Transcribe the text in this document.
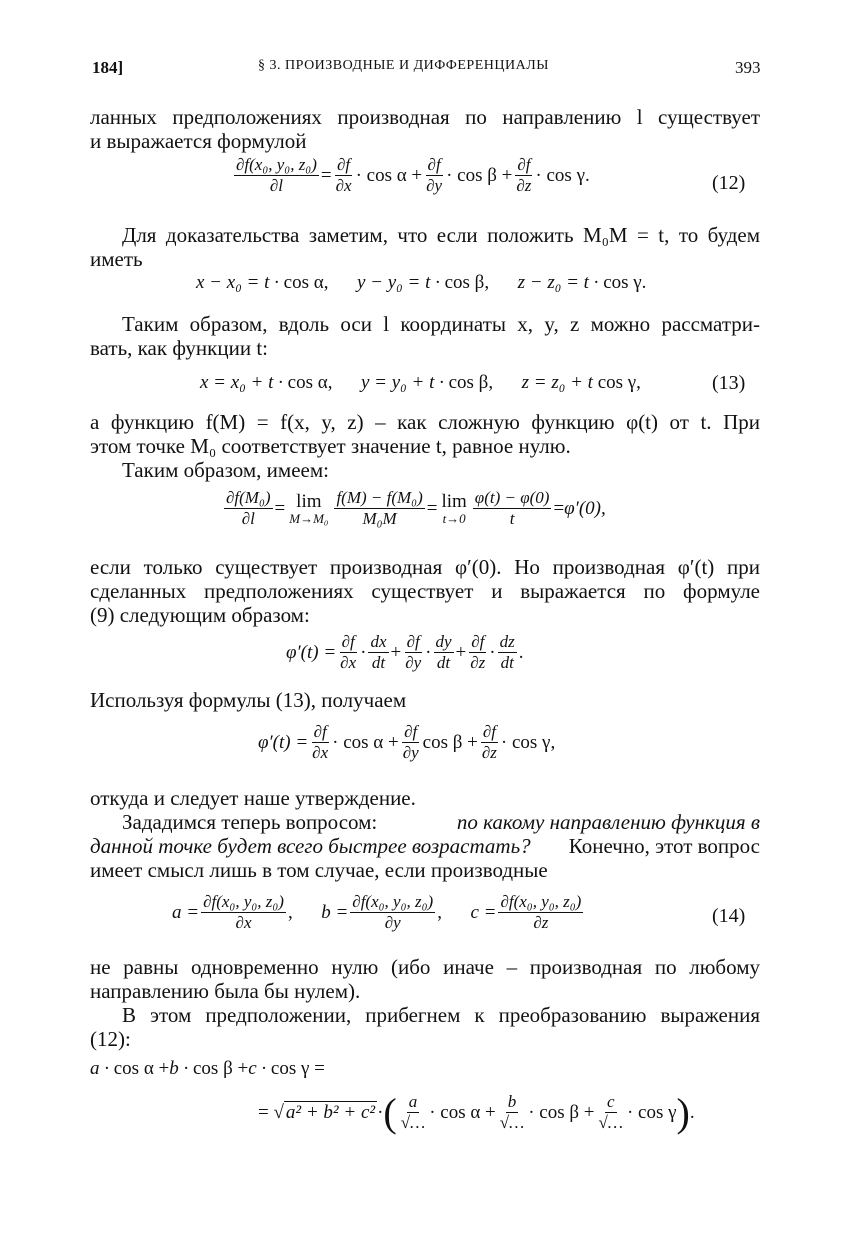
184]	§ 3. ПРОИЗВОДНЫЕ И ДИФФЕРЕНЦИАЛЫ	393
ланных предположениях производная по направлению l существует
и выражается формулой
$\frac{\text{∂f(x₀, y₀, z₀)}}{\partial l} = \frac{\partial f}{\partial x} \cdot \cos \alpha + \frac{\partial f}{\partial y} \cdot \cos \beta + \frac{\partial f}{\partial z} \cdot \cos \gamma$.	(12)
Для доказательства заметим, что если положить M₀M = t, то будем
иметь
x − x₀ = t · cos α, y − y₀ = t · cos β, z − z₀ = t · cos γ.
Таким образом, вдоль оси l координаты x, y, z можно рассматри-
вать, как функции t:
x = x₀ + t · cos α, y = y₀ + t · cos β, z = z₀ + t cos γ,	(13)
а функцию f(M) = f(x, y, z) – как сложную функцию φ(t) от t. При
этом точке M₀ соответствует значение t, равное нулю.
Таким образом, имеем:
$\frac{\text{∂f(M₀)}}{\partial l} = \lim$
$M\to M_0 \frac{\text{f(M) − f(M₀)}}{\text{M₀M}} = \lim$
$t\to 0 \frac{\varphi(t) - \varphi(0)}{t} = \varphi'(0)$,
если только существует производная φ′(0). Но производная φ′(t) при
сделанных предположениях существует и выражается по формуле
(9) следующим образом:
$\varphi'(t) = \frac{\partial f}{\partial x} \cdot \frac{dx}{dt} + \frac{\partial f}{\partial y} \cdot \frac{dy}{dt} + \frac{\partial f}{\partial z} \cdot \frac{dz}{dt}$ .
Используя формулы (13), получаем
$\varphi'(t) = \frac{\partial f}{\partial x} \cdot \cos \alpha + \frac{\partial f}{\partial y}$ $\cos \beta + \frac{\partial f}{\partial z} \cdot \cos \gamma$,
откуда и следует наше утверждение.
Зададимся теперь вопросом:	по какому направлению функция в
данной точке будет всего быстрее возрастать? Конечно, этот вопрос
имеет смысл лишь в том случае, если производные
$a = \frac{\text{∂f(x₀, y₀, z₀)}}{\partial x}$ , $b = \frac{\text{∂f(x₀, y₀, z₀)}}{\partial y}$ , $c = \frac{\text{∂f(x₀, y₀, z₀)}}{\partial z}$	(14)
не равны одновременно нулю (ибо иначе – производная по любому
направлению была бы нулем).
В этом предположении, прибегнем к преобразованию выражения
(12):
a · cos α + b · cos β + c · cos γ =
= √ a² + b² + c² · ( $\frac{a}{√\dots} \cdot \cos \alpha + \frac{b}{√\dots} \cdot \cos \beta + \frac{c}{√\dots} \cdot \cos \gamma$ ) .
